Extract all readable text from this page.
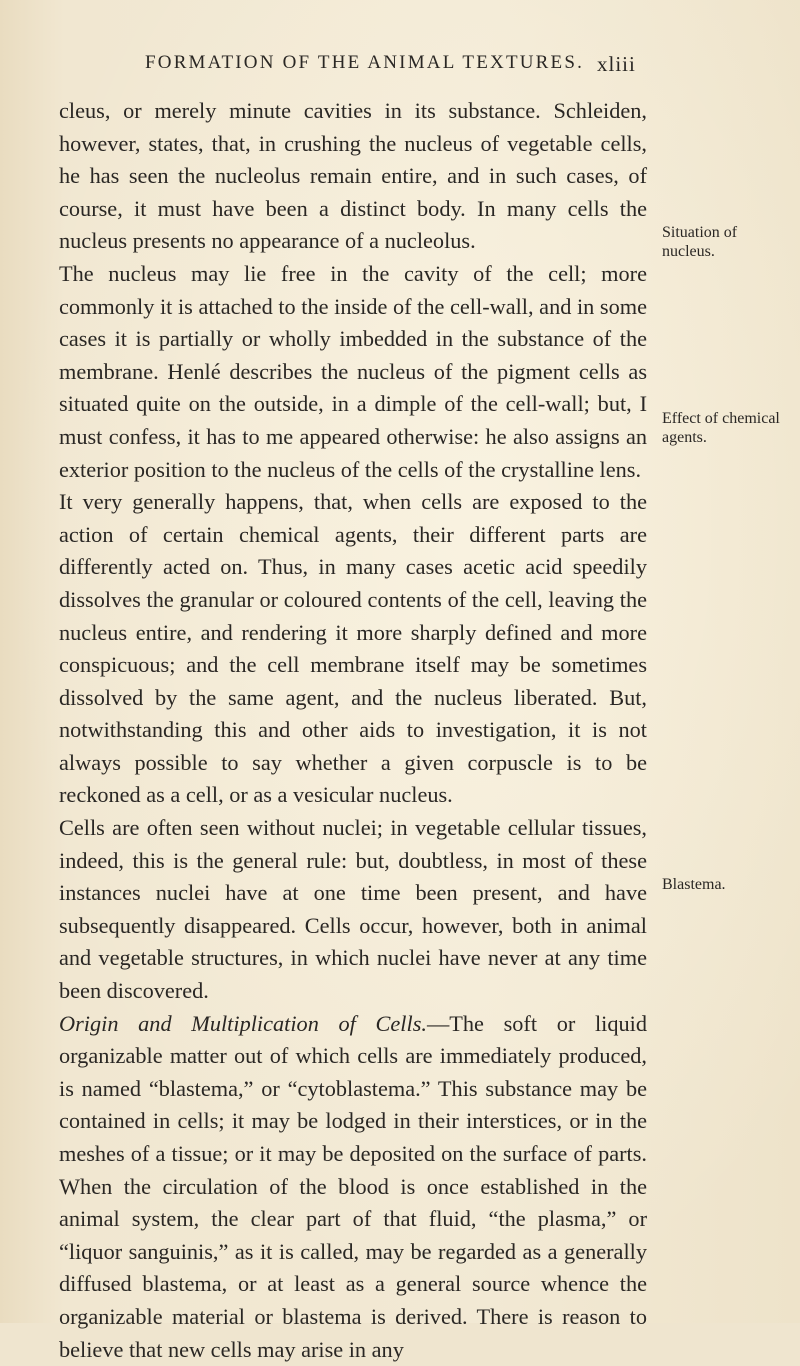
FORMATION OF THE ANIMAL TEXTURES. xliii

cleus, or merely minute cavities in its substance. Schleiden, however, states, that, in crushing the nucleus of vegetable cells, he has seen the nucleolus remain entire, and in such cases, of course, it must have been a distinct body. In many cells the nucleus presents no appearance of a nucleolus.

The nucleus may lie free in the cavity of the cell; more commonly it is attached to the inside of the cell-wall, and in some cases it is partially or wholly imbedded in the substance of the membrane. Henlé describes the nucleus of the pigment cells as situated quite on the outside, in a dimple of the cell-wall; but, I must confess, it has to me appeared otherwise: he also assigns an exterior position to the nucleus of the cells of the crystalline lens.

It very generally happens, that, when cells are exposed to the action of certain chemical agents, their different parts are differently acted on. Thus, in many cases acetic acid speedily dissolves the granular or coloured contents of the cell, leaving the nucleus entire, and rendering it more sharply defined and more conspicuous; and the cell membrane itself may be sometimes dissolved by the same agent, and the nucleus liberated. But, notwithstanding this and other aids to investigation, it is not always possible to say whether a given corpuscle is to be reckoned as a cell, or as a vesicular nucleus.

Cells are often seen without nuclei; in vegetable cellular tissues, indeed, this is the general rule: but, doubtless, in most of these instances nuclei have at one time been present, and have subsequently disappeared. Cells occur, however, both in animal and vegetable structures, in which nuclei have never at any time been discovered.

Origin and Multiplication of Cells.—The soft or liquid organizable matter out of which cells are immediately produced, is named “blastema,” or “cytoblastema.” This substance may be contained in cells; it may be lodged in their interstices, or in the meshes of a tissue; or it may be deposited on the surface of parts. When the circulation of the blood is once established in the animal system, the clear part of that fluid, “the plasma,” or “liquor sanguinis,” as it is called, may be regarded as a generally diffused blastema, or at least as a general source whence the organizable material or blastema is derived. There is reason to believe that new cells may arise in any

Situation of nucleus.
Effect of chemical agents.
Blastema.
